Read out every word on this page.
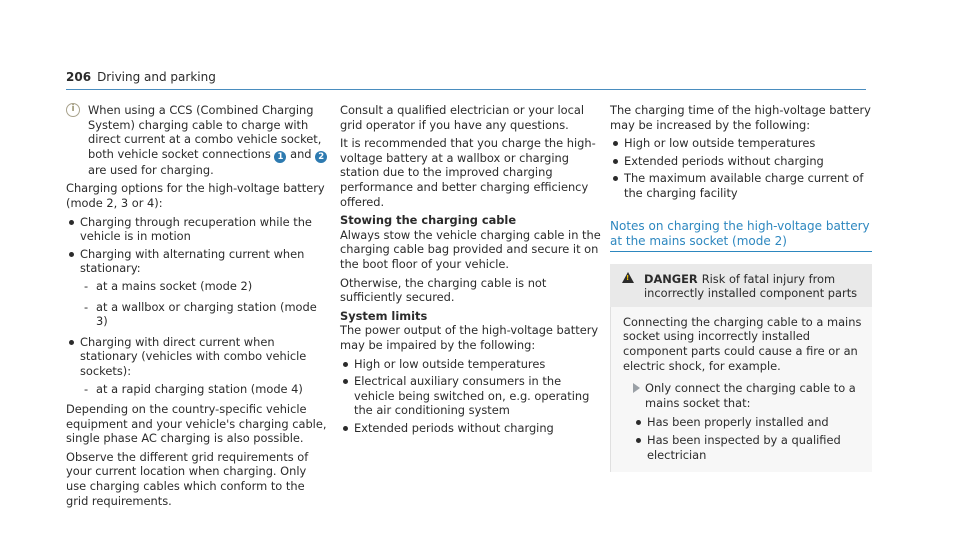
206 Driving and parking

i	When using a CCS (Combined Charging System) charging cable to charge with direct current at a combo vehicle socket, both vehicle socket connections 1 and 2 are used for charging.

Charging options for the high-voltage battery (mode 2, 3 or 4):

Charging through recuperation while the vehicle is in motion
Charging with alternating current when stationary:
- at a mains socket (mode 2)
- at a wallbox or charging station (mode 3)
Charging with direct current when stationary (vehicles with combo vehicle sockets):
- at a rapid charging station (mode 4)

Depending on the country-specific vehicle equipment and your vehicle's charging cable, single phase AC charging is also possible.

Observe the different grid requirements of your current location when charging. Only use charging cables which conform to the grid requirements.

Consult a qualified electrician or your local grid operator if you have any questions.

It is recommended that you charge the high-voltage battery at a wallbox or charging station due to the improved charging performance and better charging efficiency offered.

Stowing the charging cable

Always stow the vehicle charging cable in the charging cable bag provided and secure it on the boot floor of your vehicle.

Otherwise, the charging cable is not sufficiently secured.

System limits

The power output of the high-voltage battery may be impaired by the following:

High or low outside temperatures
Electrical auxiliary consumers in the vehicle being switched on, e.g. operating the air conditioning system
Extended periods without charging

The charging time of the high-voltage battery may be increased by the following:

High or low outside temperatures
Extended periods without charging
The maximum available charge current of the charging facility
Notes on charging the high-voltage battery at the mains socket (mode 2)
!
DANGER Risk of fatal injury from incorrectly installed component parts

Connecting the charging cable to a mains socket using incorrectly installed component parts could cause a fire or an electric shock, for example.

Only connect the charging cable to a mains socket that:
Has been properly installed and
Has been inspected by a qualified electrician
